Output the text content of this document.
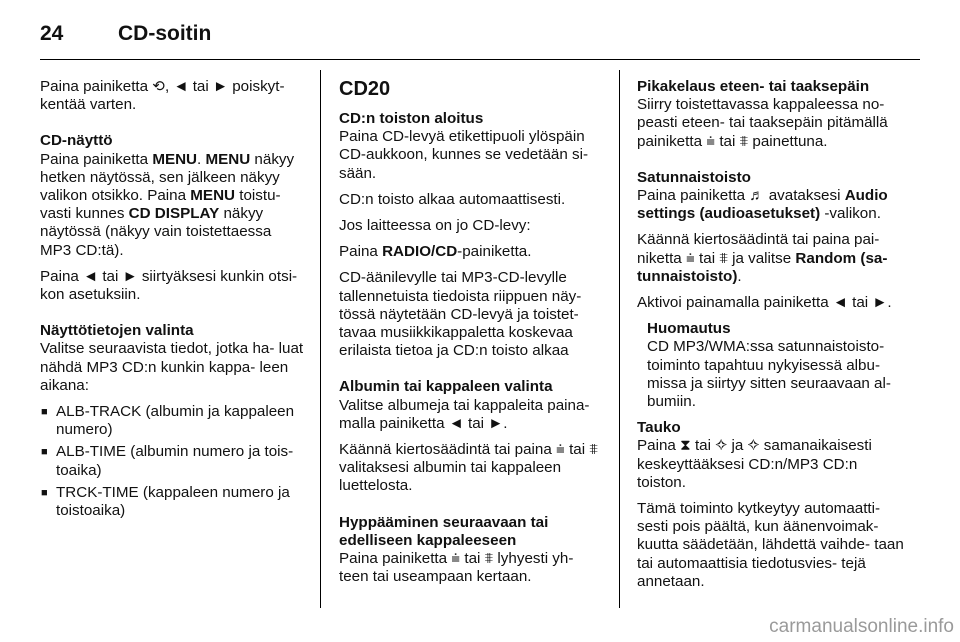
24	CD-soitin

Paina painiketta ⟲, ◄ tai ► poiskyt- kentää varten.

CD-näyttö

Paina painiketta MENU. MENU näkyy hetken näytössä, sen jälkeen näkyy valikon otsikko. Paina MENU toistu- vasti kunnes CD DISPLAY näkyy näytössä (näkyy vain toistettaessa MP3 CD:tä).

Paina ◄ tai ► siirtyäksesi kunkin otsi- kon asetuksiin.

Näyttötietojen valinta

Valitse seuraavista tiedot, jotka ha- luat nähdä MP3 CD:n kunkin kappa- leen aikana:

■ ALB-TRACK (albumin ja kappaleen numero)
■ ALB-TIME (albumin numero ja tois- toaika)
■ TRCK-TIME (kappaleen numero ja toistoaika)
CD20

CD:n toiston aloitus

Paina CD-levyä etikettipuoli ylöspäin CD-aukkoon, kunnes se vedetään si- sään.

CD:n toisto alkaa automaattisesti.

Jos laitteessa on jo CD-levy:

Paina RADIO/CD-painiketta.

CD-äänilevylle tai MP3-CD-levylle tallennetuista tiedoista riippuen näy- tössä näytetään CD-levyä ja toistet- tavaa musiikkikappaletta koskevaa erilaista tietoa ja CD:n toisto alkaa

Albumin tai kappaleen valinta

Valitse albumeja tai kappaleita paina- malla painiketta ◄ tai ►.

Käännä kiertosäädintä tai paina ⩧ tai ⩨ valitaksesi albumin tai kappaleen luettelosta.

Hyppääminen seuraavaan tai
edelliseen kappaleeseen

Paina painiketta ⩧ tai ⩨ lyhyesti yh- teen tai useampaan kertaan.

Pikakelaus eteen- tai taaksepäin

Siirry toistettavassa kappaleessa no- peasti eteen- tai taaksepäin pitämällä painiketta ⩧ tai ⩨ painettuna.

Satunnaistoisto

Paina painiketta ♬ avataksesi Audio settings (audioasetukset) -valikon.

Käännä kiertosäädintä tai paina pai- niketta ⩧ tai ⩨ ja valitse Random (sa- tunnaistoisto).

Aktivoi painamalla painiketta ◄ tai ►.

Huomautus

CD MP3/WMA:ssa satunnaistoisto- toiminto tapahtuu nykyisessä albu- missa ja siirtyy sitten seuraavaan al- bumiin.

Tauko

Paina ⧗ tai ✧ ja ✧ samanaikaisesti keskeyttääksesi CD:n/MP3 CD:n toiston.

Tämä toiminto kytkeytyy automaatti- sesti pois päältä, kun äänenvoimak- kuutta säädetään, lähdettä vaihde- taan tai automaattisia tiedotusvies- tejä annetaan.

carmanualsonline.info
